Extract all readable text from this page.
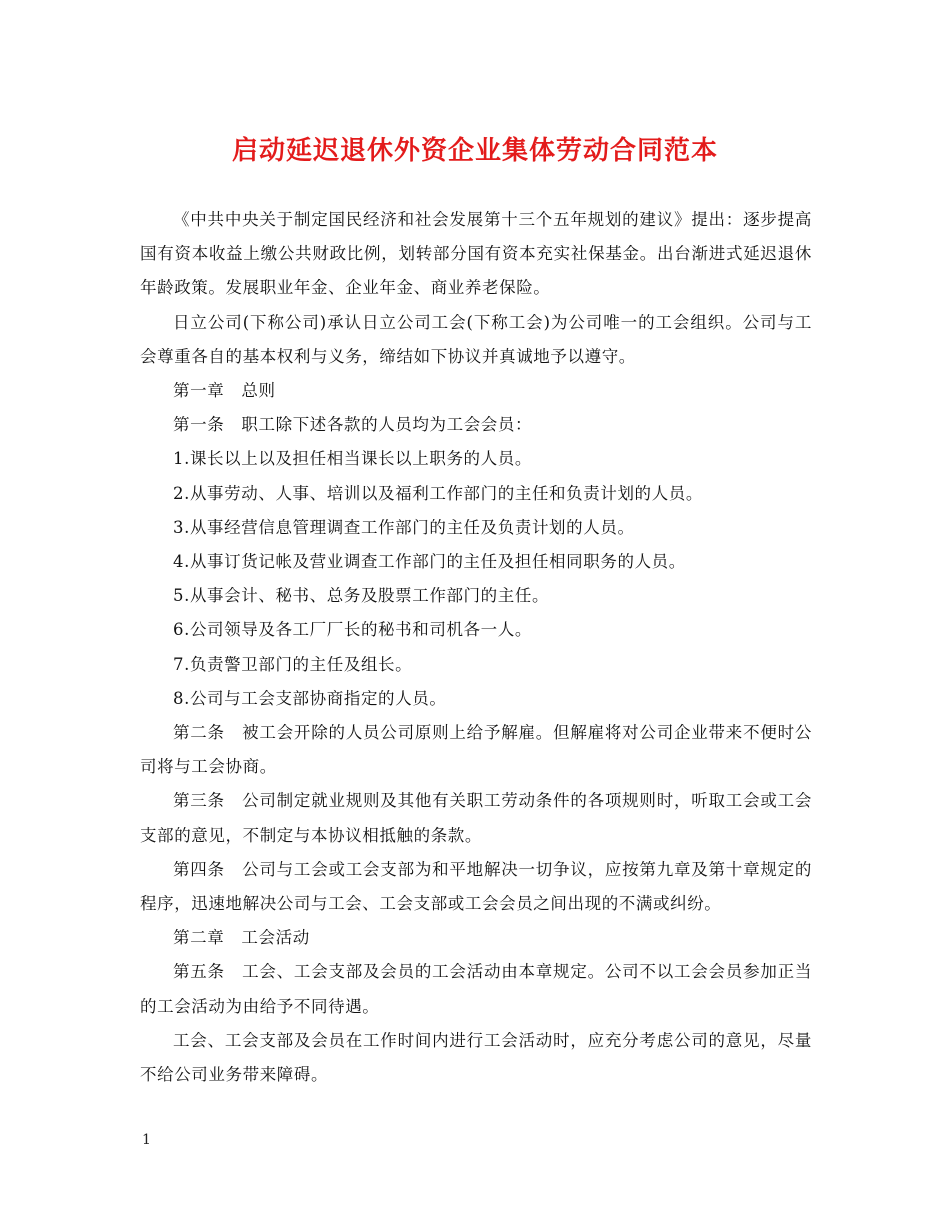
启动延迟退休外资企业集体劳动合同范本

《中共中央关于制定国民经济和社会发展第十三个五年规划的建议》提出：逐步提高国有资本收益上缴公共财政比例，划转部分国有资本充实社保基金。出台渐进式延迟退休年龄政策。发展职业年金、企业年金、商业养老保险。

日立公司(下称公司)承认日立公司工会(下称工会)为公司唯一的工会组织。公司与工会尊重各自的基本权利与义务，缔结如下协议并真诚地予以遵守。

第一章　总则

第一条　职工除下述各款的人员均为工会会员：

1.课长以上以及担任相当课长以上职务的人员。

2.从事劳动、人事、培训以及福利工作部门的主任和负责计划的人员。

3.从事经营信息管理调查工作部门的主任及负责计划的人员。

4.从事订货记帐及营业调查工作部门的主任及担任相同职务的人员。

5.从事会计、秘书、总务及股票工作部门的主任。

6.公司领导及各工厂厂长的秘书和司机各一人。

7.负责警卫部门的主任及组长。

8.公司与工会支部协商指定的人员。

第二条　被工会开除的人员公司原则上给予解雇。但解雇将对公司企业带来不便时公司将与工会协商。

第三条　公司制定就业规则及其他有关职工劳动条件的各项规则时，听取工会或工会支部的意见，不制定与本协议相抵触的条款。

第四条　公司与工会或工会支部为和平地解决一切争议，应按第九章及第十章规定的程序，迅速地解决公司与工会、工会支部或工会会员之间出现的不满或纠纷。

第二章　工会活动

第五条　工会、工会支部及会员的工会活动由本章规定。公司不以工会会员参加正当的工会活动为由给予不同待遇。

工会、工会支部及会员在工作时间内进行工会活动时，应充分考虑公司的意见，尽量不给公司业务带来障碍。

1
